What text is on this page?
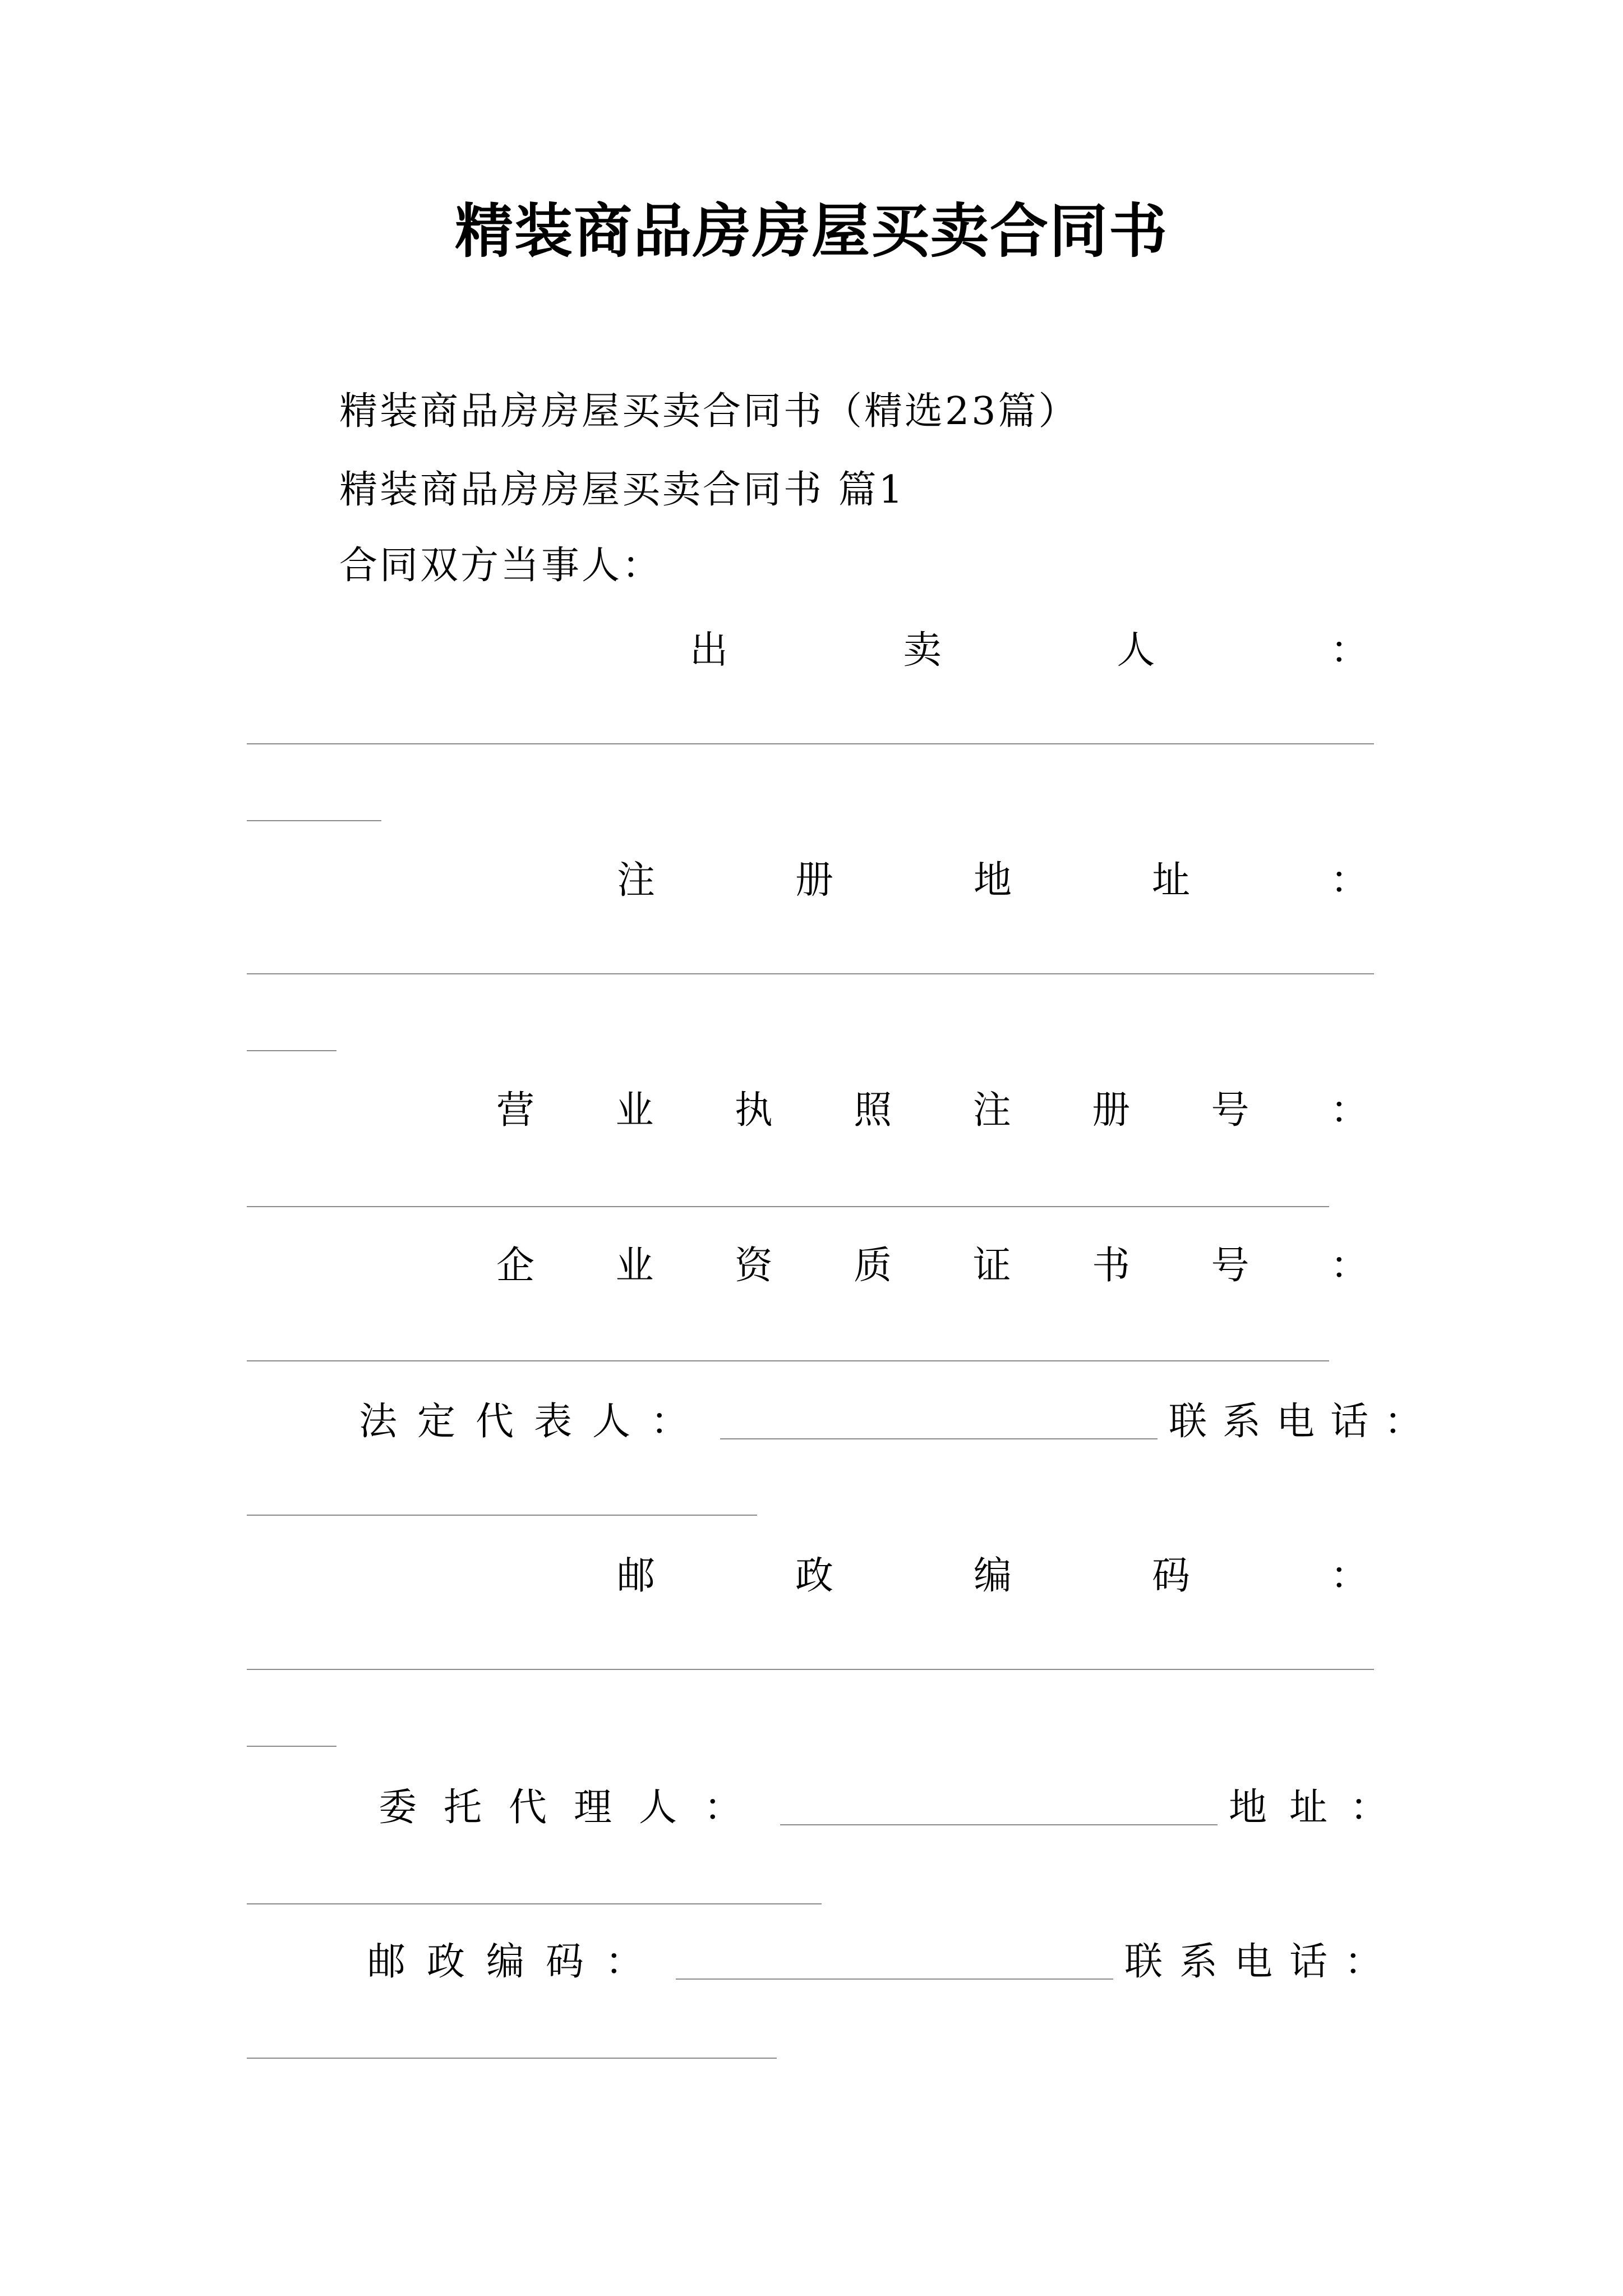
精装商品房房屋买卖合同书
精装商品房房屋买卖合同书（精选23篇）
精装商品房房屋买卖合同书 篇1
合同双方当事人：
出	卖	人	：
注	册	地	址	：
营 业 执 照 注 册 号 ：
企 业 资 质 证 书 号 ：
法定代表人：	联系电话：
邮	政	编	码	：
委托代理人：	地址：
邮政编码：	联系电话：
